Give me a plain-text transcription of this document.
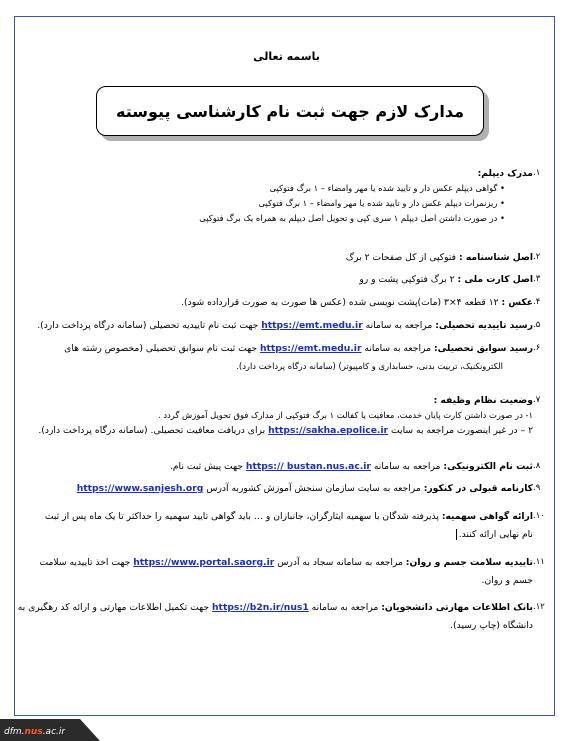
باسمه تعالی
مدارک لازم جهت ثبت نام کارشناسی پیوسته
١.
مدرک دیپلم:
• گواهی دیپلم عکس دار و تایید شده یا مهر وامضاء – ١ برگ فتوکپی
• ریزنمرات دیپلم عکس دار و تایید شده یا مهر وامضاء – ١ برگ فتوکپی
• در صورت داشتن اصل دیپلم ١ سری کپی و تحویل اصل دیپلم به همراه یک برگ فتوکپی
٢.
اصل شناسنامه : فتوکپی از کل صفحات ٢ برگ
٣.
اصل کارت ملی : ٢ برگ فتوکپی پشت و رو
۴.
عکس : ١٢ قطعه ۴×٣ (مات)پشت نویسی شده (عکس ها صورت به صورت قرارداده شود).
۵.
رسید تاییدیه تحصیلی: مراجعه به سامانه https://emt.medu.ir جهت ثبت نام تاییدیه تحصیلی (سامانه درگاه پرداخت دارد).
۶.
رسید سوابق تحصیلی: مراجعه به سامانه https://emt.medu.ir جهت ثبت نام سوابق تحصیلی (مخصوص رشته های
الکترونکنیک، تربیت بدنی، حسابداری و کامپیوتر) (سامانه درگاه پرداخت دارد).
٧.
وضعیت نظام وظیفه :
١- در صورت داشتن کارت پایان خدمت، معافیت یا کفالت ١ برگ فتوکپی از مدارک فوق تحویل آموزش گردد .
٢ – در غیر اینصورت مراجعه به سایت https://sakha.epolice.ir برای دریافت معافیت تحصیلی. (سامانه درگاه پرداخت دارد).
٨.
ثبت نام الکترونیکی: مراجعه به سامانه https:// bustan.nus.ac.ir جهت پیش ثبت نام.
٩.
کارنامه قبولی در کنکور: مراجعه به سایت سازمان سنجش آموزش کشوربه آدرس https://www.sanjesh.org
١٠.
ارائه گواهی سهمیه: پذیرفته شدگان با سهمیه ایثارگران، جانبازان و … باید گواهی تایید سهمیه را حداکثر تا یک ماه پس از ثبت
نام نهایی ارائه کنند.
١١.
تاییدیه سلامت جسم و روان: مراجعه به سامانه سجاد به آدرس https://www.portal.saorg.ir جهت اخذ تاییدیه سلامت
جسم و روان.
١٢.
بانک اطلاعات مهارتی دانشجویان: مراجعه به سامانه https://b2n.ir/nus1 جهت تکمیل اطلاعات مهارتی و ارائه کد رهگیری به
دانشگاه (چاپ رسید).
dfm.nus.ac.ir
